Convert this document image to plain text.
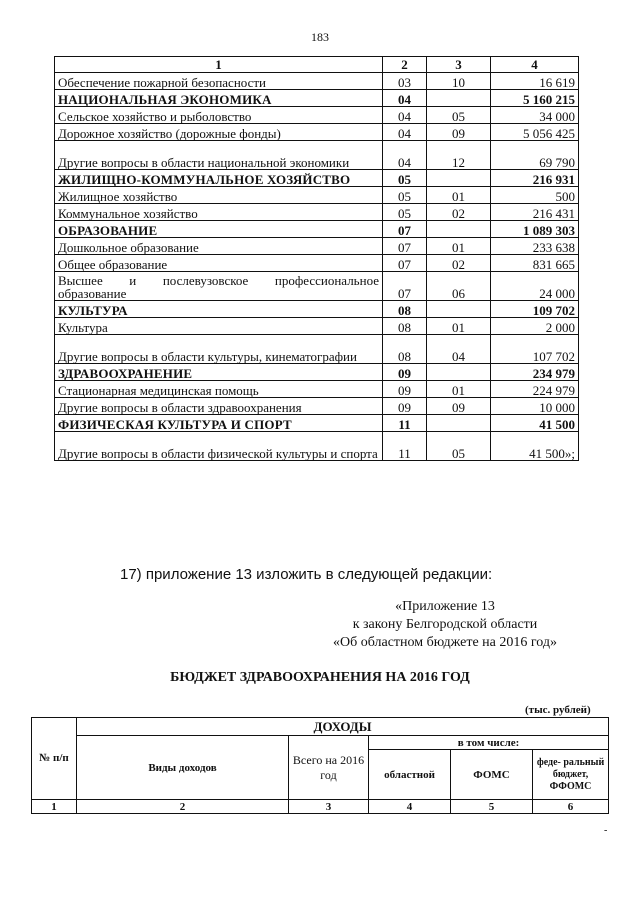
183
1	2	3	4
Обеспечение пожарной безопасности	03	10	16 619
НАЦИОНАЛЬНАЯ ЭКОНОМИКА	04		5 160 215
Сельское хозяйство и рыболовство	04	05	34 000
Дорожное хозяйство (дорожные фонды)	04	09	5 056 425
Другие вопросы в области национальной экономики	04	12	69 790
ЖИЛИЩНО-КОММУНАЛЬНОЕ ХОЗЯЙСТВО	05		216 931
Жилищное хозяйство	05	01	500
Коммунальное хозяйство	05	02	216 431
ОБРАЗОВАНИЕ	07		1 089 303
Дошкольное образование	07	01	233 638
Общее образование	07	02	831 665
Высшее и послевузовское профессиональное образование	07	06	24 000
КУЛЬТУРА	08		109 702
Культура	08	01	2 000
Другие вопросы в области культуры, кинематографии	08	04	107 702
ЗДРАВООХРАНЕНИЕ	09		234 979
Стационарная медицинская помощь	09	01	224 979
Другие вопросы в области здравоохранения	09	09	10 000
ФИЗИЧЕСКАЯ КУЛЬТУРА И СПОРТ	11		41 500
Другие вопросы в области физической культуры и спорта	11	05	41 500»;
17) приложение 13 изложить в следующей редакции:
«Приложение 13
к закону Белгородской области
«Об областном бюджете на 2016 год»
БЮДЖЕТ ЗДРАВООХРАНЕНИЯ НА 2016 ГОД
(тыс. рублей)
№ п/п	ДОХОДЫ				
	Виды доходов	Всего на 2016 год	в том числе:		
			областной	ФОМС	феде- ральный бюджет, ФФОМС
1	2	3	4	5	6
-
